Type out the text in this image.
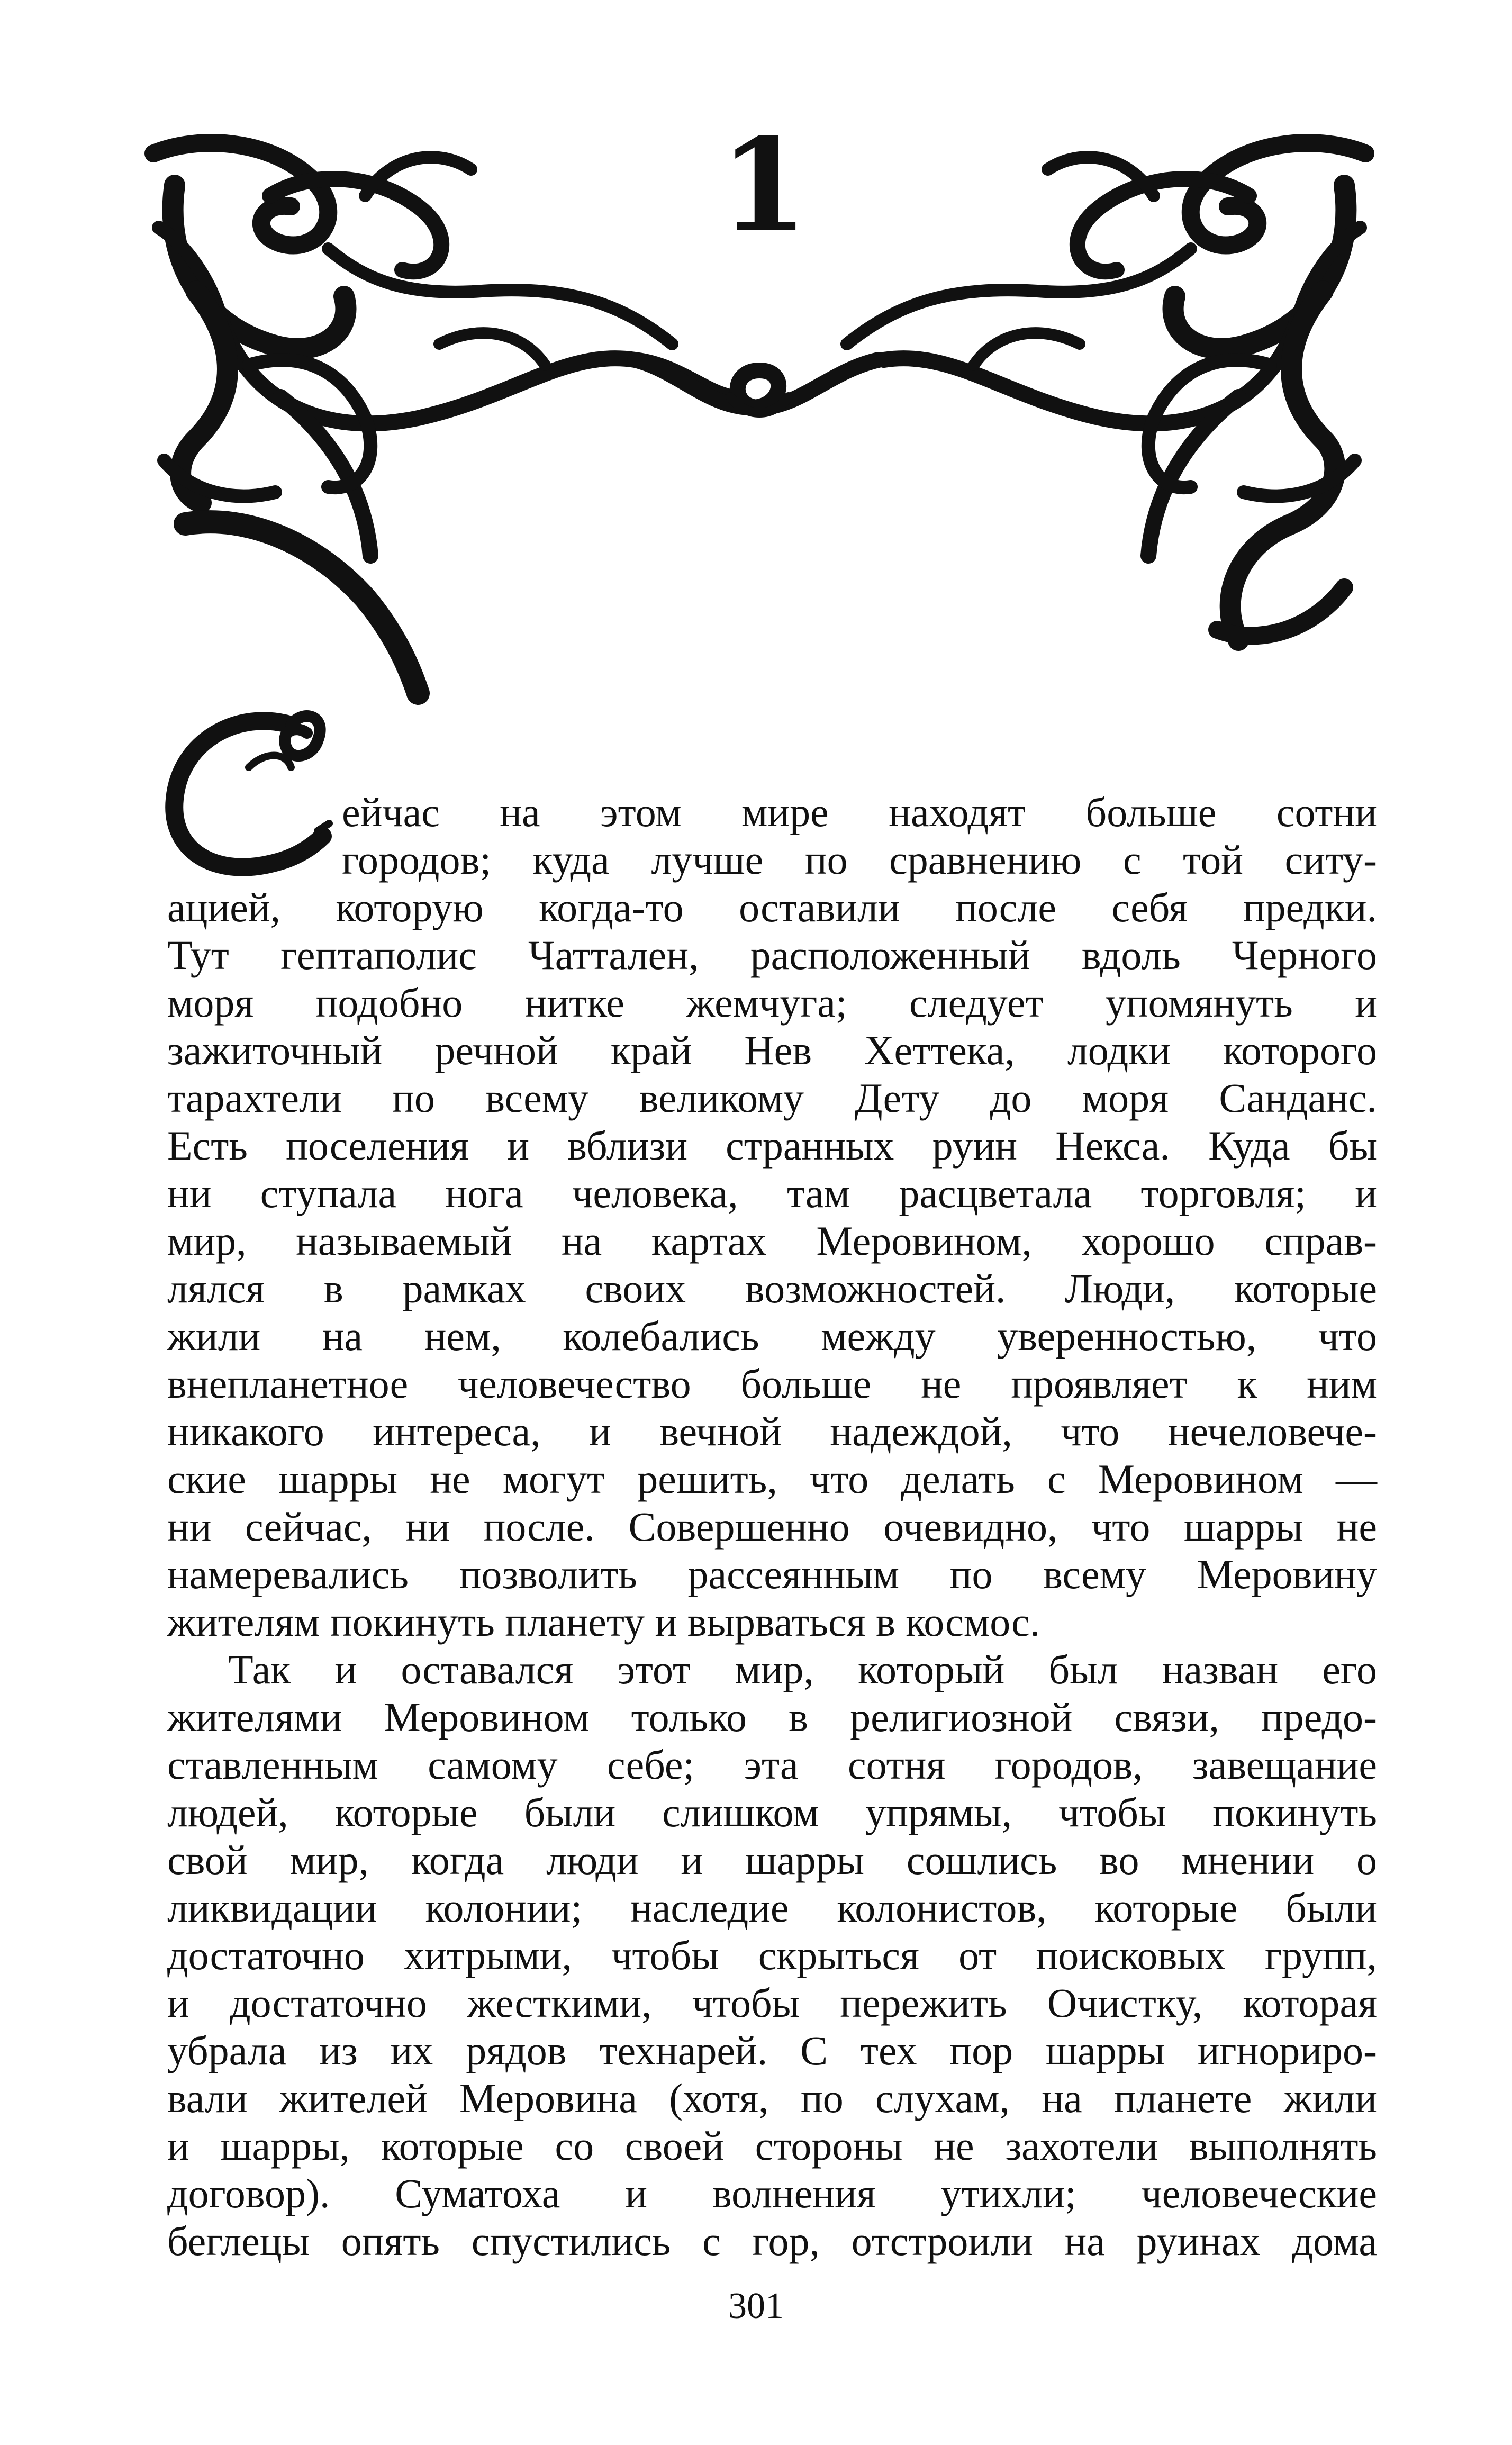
1
ейчас на этом мире находят больше сотни
городов; куда лучше по сравнению с той ситу-
ацией, которую когда-то оставили после себя предки.
Тут гептаполис Чатталeн, расположенный вдоль Черного
моря подобно нитке жемчуга; следует упомянуть и
зажиточный речной край Нев Хеттека, лодки которого
тарахтели по всему великому Дету до моря Санданс.
Есть поселения и вблизи странных руин Некса. Куда бы
ни ступала нога человека, там расцветала торговля; и
мир, называемый на картах Меровином, хорошо справ-
лялся в рамках своих возможностей. Люди, которые
жили на нем, колебались между уверенностью, что
внепланетное человечество больше не проявляет к ним
никакого интереса, и вечной надеждой, что нечеловече-
ские шарры не могут решить, что делать с Меровином —
ни сейчас, ни после. Совершенно очевидно, что шарры не
намеревались позволить рассеянным по всему Меровину
жителям покинуть планету и вырваться в космос.
Так и оставался этот мир, который был назван его
жителями Меровином только в религиозной связи, предо-
ставленным самому себе; эта сотня городов, завещание
людей, которые были слишком упрямы, чтобы покинуть
свой мир, когда люди и шарры сошлись во мнении о
ликвидации колонии; наследие колонистов, которые были
достаточно хитрыми, чтобы скрыться от поисковых групп,
и достаточно жесткими, чтобы пережить Очистку, которая
убрала из их рядов технарей. С тех пор шарры игнориро-
вали жителей Меровина (хотя, по слухам, на планете жили
и шарры, которые со своей стороны не захотели выполнять
договор). Суматоха и волнения утихли; человеческие
беглецы опять спустились с гор, отстроили на руинах дома
301
